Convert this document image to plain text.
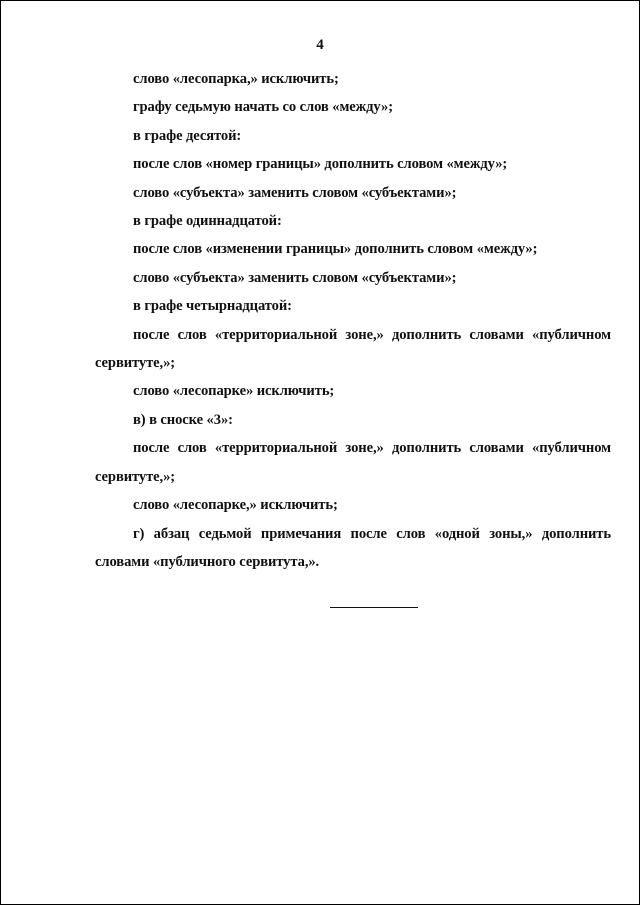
4

слово «лесопарка,» исключить;

графу седьмую начать со слов «между»;

в графе десятой:

после слов «номер границы» дополнить словом «между»;

слово «субъекта» заменить словом «субъектами»;

в графе одиннадцатой:

после слов «изменении границы» дополнить словом «между»;

слово «субъекта» заменить словом «субъектами»;

в графе четырнадцатой:

после слов «территориальной зоне,» дополнить словами «публичном сервитуте,»;

слово «лесопарке» исключить;

в) в сноске «3»:

после слов «территориальной зоне,» дополнить словами «публичном сервитуте,»;

слово «лесопарке,» исключить;

г) абзац седьмой примечания после слов «одной зоны,» дополнить словами «публичного сервитута,».
